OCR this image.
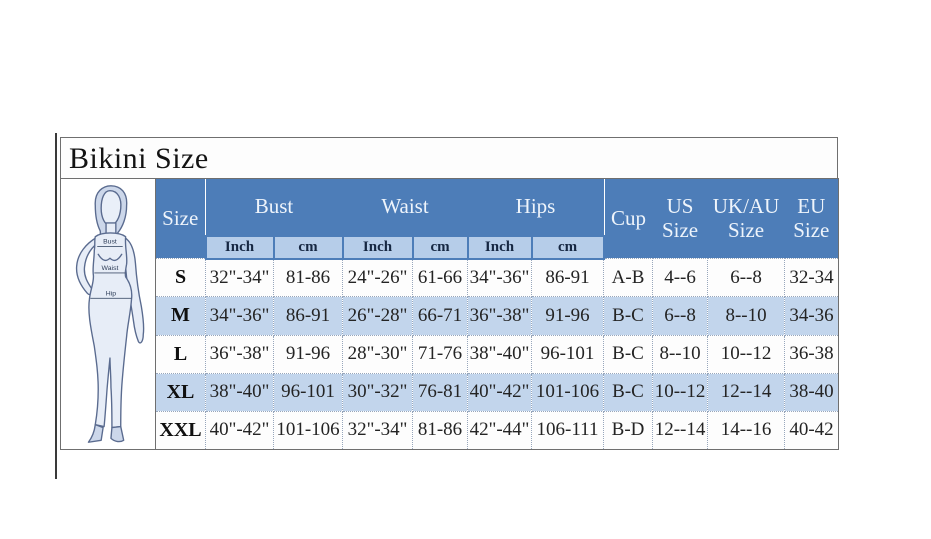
Bikini Size
Bust
Waist
Hip	Size	Bust		Waist		Hips		Cup	US Size	UK/AU Size	EU Size
		Inch	cm	Inch	cm	Inch	cm				
	S	32"-34"	81-86	24"-26"	61-66	34"-36"	86-91	A-B	4--6	6--8	32-34
	M	34"-36"	86-91	26"-28"	66-71	36"-38"	91-96	B-C	6--8	8--10	34-36
	L	36"-38"	91-96	28"-30"	71-76	38"-40"	96-101	B-C	8--10	10--12	36-38
	XL	38"-40"	96-101	30"-32"	76-81	40"-42"	101-106	B-C	10--12	12--14	38-40
	XXL	40"-42"	101-106	32"-34"	81-86	42"-44"	106-111	B-D	12--14	14--16	40-42
